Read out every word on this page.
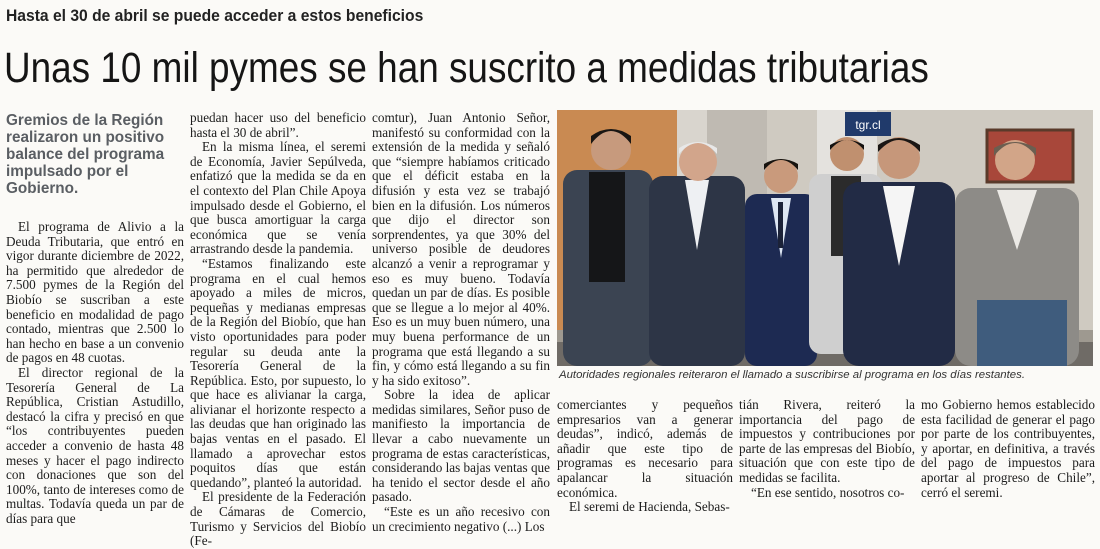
Hasta el 30 de abril se puede acceder a estos beneficios
Unas 10 mil pymes se han suscrito a medidas tributarias
Gremios de la Región realizaron un positivo balance del programa impulsado por el Gobierno.

El programa de Alivio a la Deuda Tributaria, que entró en vigor durante diciembre de 2022, ha permitido que alrededor de 7.500 pymes de la Región del Biobío se suscriban a este beneficio en modalidad de pago contado, mientras que 2.500 lo han hecho en base a un convenio de pagos en 48 cuotas.

El director regional de la Tesorería General de La República, Cristian Astudillo, destacó la cifra y precisó en que “los contribuyentes pueden acceder a convenio de hasta 48 meses y hacer el pago indirecto con donaciones que son del 100%, tanto de intereses como de multas. Todavía queda un par de días para que

puedan hacer uso del beneficio hasta el 30 de abril”.

En la misma línea, el seremi de Economía, Javier Sepúlveda, enfatizó que la medida se da en el contexto del Plan Chile Apoya impulsado desde el Gobierno, el que busca amortiguar la carga económica que se venía arrastrando desde la pandemia.

“Estamos finalizando este programa en el cual hemos apoyado a miles de micros, pequeñas y medianas empresas de la Región del Biobío, que han visto oportunidades para poder regular su deuda ante la Tesorería General de la República. Esto, por supuesto, lo que hace es alivianar la carga, alivianar el horizonte respecto a las deudas que han originado las bajas ventas en el pasado. El llamado a aprovechar estos poquitos días que están quedando”, planteó la autoridad.

El presidente de la Federación de Cámaras de Comercio, Turismo y Servicios del Biobío (Fe-

comtur), Juan Antonio Señor, manifestó su conformidad con la extensión de la medida y señaló que “siempre habíamos criticado que el déficit estaba en la difusión y esta vez se trabajó bien en la difusión. Los números que dijo el director son sorprendentes, ya que 30% del universo posible de deudores alcanzó a venir a reprogramar y eso es muy bueno. Todavía quedan un par de días. Es posible que se llegue a lo mejor al 40%. Eso es un muy buen número, una muy buena performance de un programa que está llegando a su fin, y cómo está llegando a su fin y ha sido exitoso”.

Sobre la idea de aplicar medidas similares, Señor puso de manifiesto la importancia de llevar a cabo nuevamente un programa de estas características, considerando las bajas ventas que ha tenido el sector desde el año pasado.

“Este es un año recesivo con un crecimiento negativo (...) Los

tgr.cl
Autoridades regionales reiteraron el llamado a suscribirse al programa en los días restantes.

comerciantes y pequeños empresarios van a generar deudas”, indicó, además de añadir que este tipo de programas es necesario para apalancar la situación económica.

El seremi de Hacienda, Sebas-

tián Rivera, reiteró la importancia del pago de impuestos y contribuciones por parte de las empresas del Biobío, situación que con este tipo de medidas se facilita.

“En ese sentido, nosotros co-

mo Gobierno hemos establecido esta facilidad de generar el pago por parte de los contribuyentes, y aportar, en definitiva, a través del pago de impuestos para aportar al progreso de Chile”, cerró el seremi.
